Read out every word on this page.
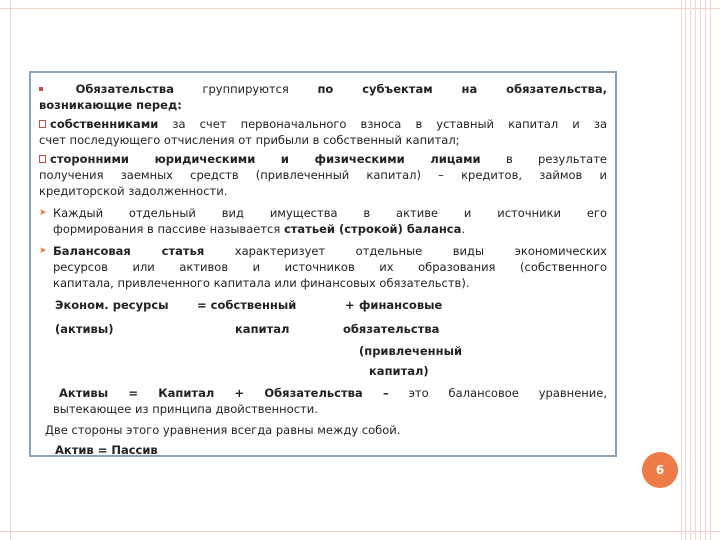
Обязательства группируются по субъектам на обязательства,

возникающие перед:

собственниками за счет первоначального взноса в уставный капитал и за

счет последующего отчисления от прибыли в собственный капитал;

сторонними юридическими и физическими лицами в результате

получения заемных средств (привлеченный капитал) – кредитов, займов и

кредиторской задолженности.

➤ Каждый отдельный вид имущества в активе и источники его

формирования в пассиве называется статьей (строкой) баланса.

➤ Балансовая статья характеризует отдельные виды экономических

ресурсов или активов и источников их образования (собственного

капитала, привлеченного капитала или финансовых обязательств).

Эконом. ресурсы = собственный	+ финансовые
(активы)	капитал	обязательства
(привлеченный
капитал)

Активы = Капитал + Обязательства – это балансовое уравнение,

вытекающее из принципа двойственности.

Две стороны этого уравнения всегда равны между собой.

Актив = Пассив

6
